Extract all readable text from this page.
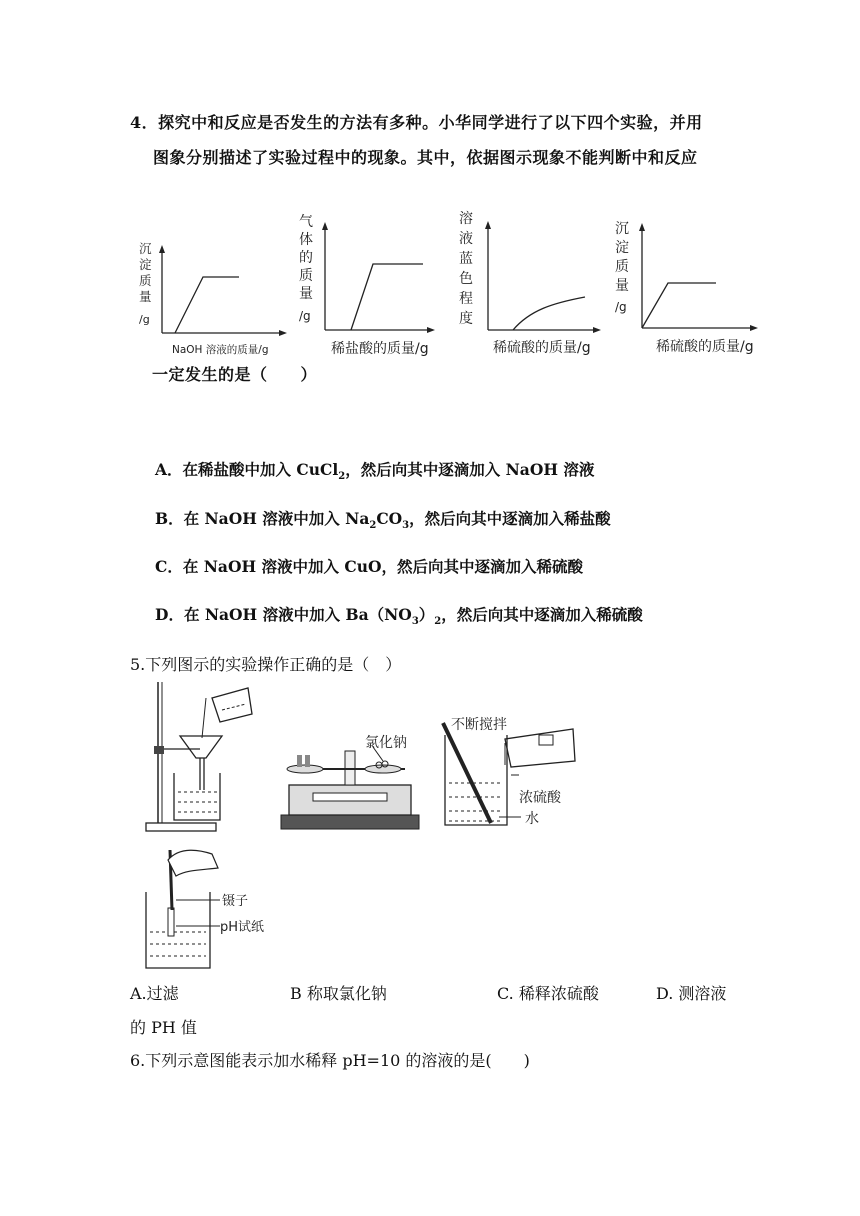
4．探究中和反应是否发生的方法有多种。小华同学进行了以下四个实验，并用
图象分别描述了实验过程中的现象。其中，依据图示现象不能判断中和反应
沉
淀
质
量
/g
NaOH 溶液的质量/g
气
体
的
质
量
/g
稀盐酸的质量/g
溶
液
蓝
色
程
度
稀硫酸的质量/g
沉
淀
质
量
/g
稀硫酸的质量/g
一定发生的是（　　）
A．在稀盐酸中加入 CuCl$_2$，然后向其中逐滴加入 NaOH 溶液
B．在 NaOH 溶液中加入 $Na_2CO_3$，然后向其中逐滴加入稀盐酸
C．在 NaOH 溶液中加入 CuO，然后向其中逐滴加入稀硫酸
D．在 NaOH 溶液中加入 $Ba(NO_3)_2$，然后向其中逐滴加入稀硫酸
5.下列图示的实验操作正确的是（　）
氯化钠
不断搅拌
浓硫酸
水
镊子
pH试纸
A.过滤	B 称取氯化钠	C. 稀释浓硫酸	D. 测溶液
的 PH 值
6.下列示意图能表示加水稀释 pH=10 的溶液的是(　　)
